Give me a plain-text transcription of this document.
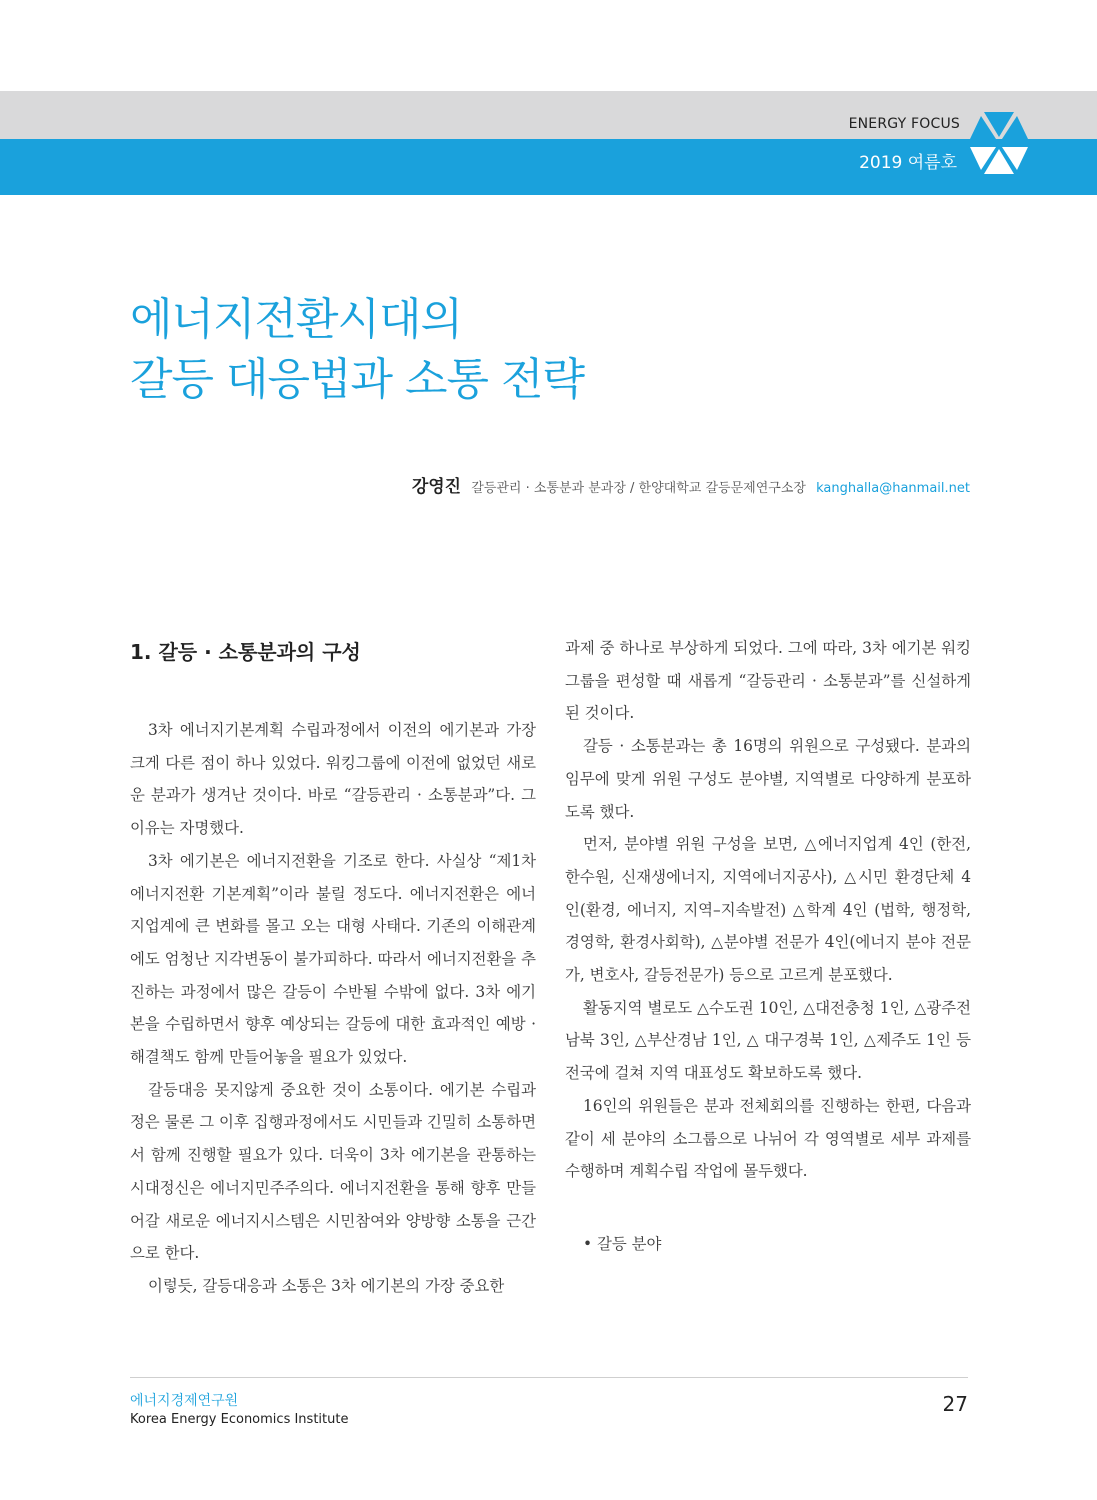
ENERGY FOCUS
2019 여름호
에너지전환시대의
갈등 대응법과 소통 전략
강영진 갈등관리 · 소통분과 분과장 / 한양대학교 갈등문제연구소장 kanghalla@hanmail.net
1. 갈등 · 소통분과의 구성

3차 에너지기본계획 수립과정에서 이전의 에기본과 가장 크게 다른 점이 하나 있었다. 워킹그룹에 이전에 없었던 새로운 분과가 생겨난 것이다. 바로 “갈등관리 · 소통분과”다. 그 이유는 자명했다.

3차 에기본은 에너지전환을 기조로 한다. 사실상 “제1차 에너지전환 기본계획”이라 불릴 정도다. 에너지전환은 에너지업계에 큰 변화를 몰고 오는 대형 사태다. 기존의 이해관계에도 엄청난 지각변동이 불가피하다. 따라서 에너지전환을 추진하는 과정에서 많은 갈등이 수반될 수밖에 없다. 3차 에기본을 수립하면서 향후 예상되는 갈등에 대한 효과적인 예방 · 해결책도 함께 만들어놓을 필요가 있었다.

갈등대응 못지않게 중요한 것이 소통이다. 에기본 수립과정은 물론 그 이후 집행과정에서도 시민들과 긴밀히 소통하면서 함께 진행할 필요가 있다. 더욱이 3차 에기본을 관통하는 시대정신은 에너지민주주의다. 에너지전환을 통해 향후 만들어갈 새로운 에너지시스템은 시민참여와 양방향 소통을 근간으로 한다.

이렇듯, 갈등대응과 소통은 3차 에기본의 가장 중요한

과제 중 하나로 부상하게 되었다. 그에 따라, 3차 에기본 워킹그룹을 편성할 때 새롭게 “갈등관리 · 소통분과”를 신설하게 된 것이다.

갈등 · 소통분과는 총 16명의 위원으로 구성됐다. 분과의 임무에 맞게 위원 구성도 분야별, 지역별로 다양하게 분포하도록 했다.

먼저, 분야별 위원 구성을 보면, △에너지업계 4인 (한전, 한수원, 신재생에너지, 지역에너지공사), △시민 환경단체 4인(환경, 에너지, 지역–지속발전) △학계 4인 (법학, 행정학, 경영학, 환경사회학), △분야별 전문가 4인(에너지 분야 전문가, 변호사, 갈등전문가) 등으로 고르게 분포했다.

활동지역 별로도 △수도권 10인, △대전충청 1인, △광주전남북 3인, △부산경남 1인, △ 대구경북 1인, △제주도 1인 등 전국에 걸쳐 지역 대표성도 확보하도록 했다.

16인의 위원들은 분과 전체회의를 진행하는 한편, 다음과 같이 세 분야의 소그룹으로 나뉘어 각 영역별로 세부 과제를 수행하며 계획수립 작업에 몰두했다.

• 갈등 분야

에너지경제연구원
Korea Energy Economics Institute
27
